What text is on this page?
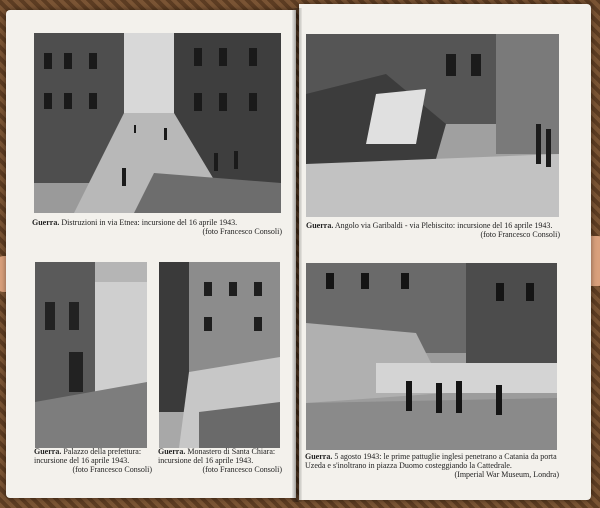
Guerra. Distruzioni in via Etnea: incursione del 16 aprile 1943.
(foto Francesco Consoli)
Guerra. Palazzo della prefettura: incursione del 16 aprile 1943.
(foto Francesco Consoli)
Guerra. Monastero di Santa Chiara: incursione del 16 aprile 1943.
(foto Francesco Consoli)
Guerra. Angolo via Garibaldi - via Plebiscito: incursione del 16 aprile 1943.
(foto Francesco Consoli)
Guerra. 5 agosto 1943: le prime pattuglie inglesi penetrano a Catania da porta Uzeda e s'inoltrano in piazza Duomo costeggiando la Cattedrale.
(Imperial War Museum, Londra)
